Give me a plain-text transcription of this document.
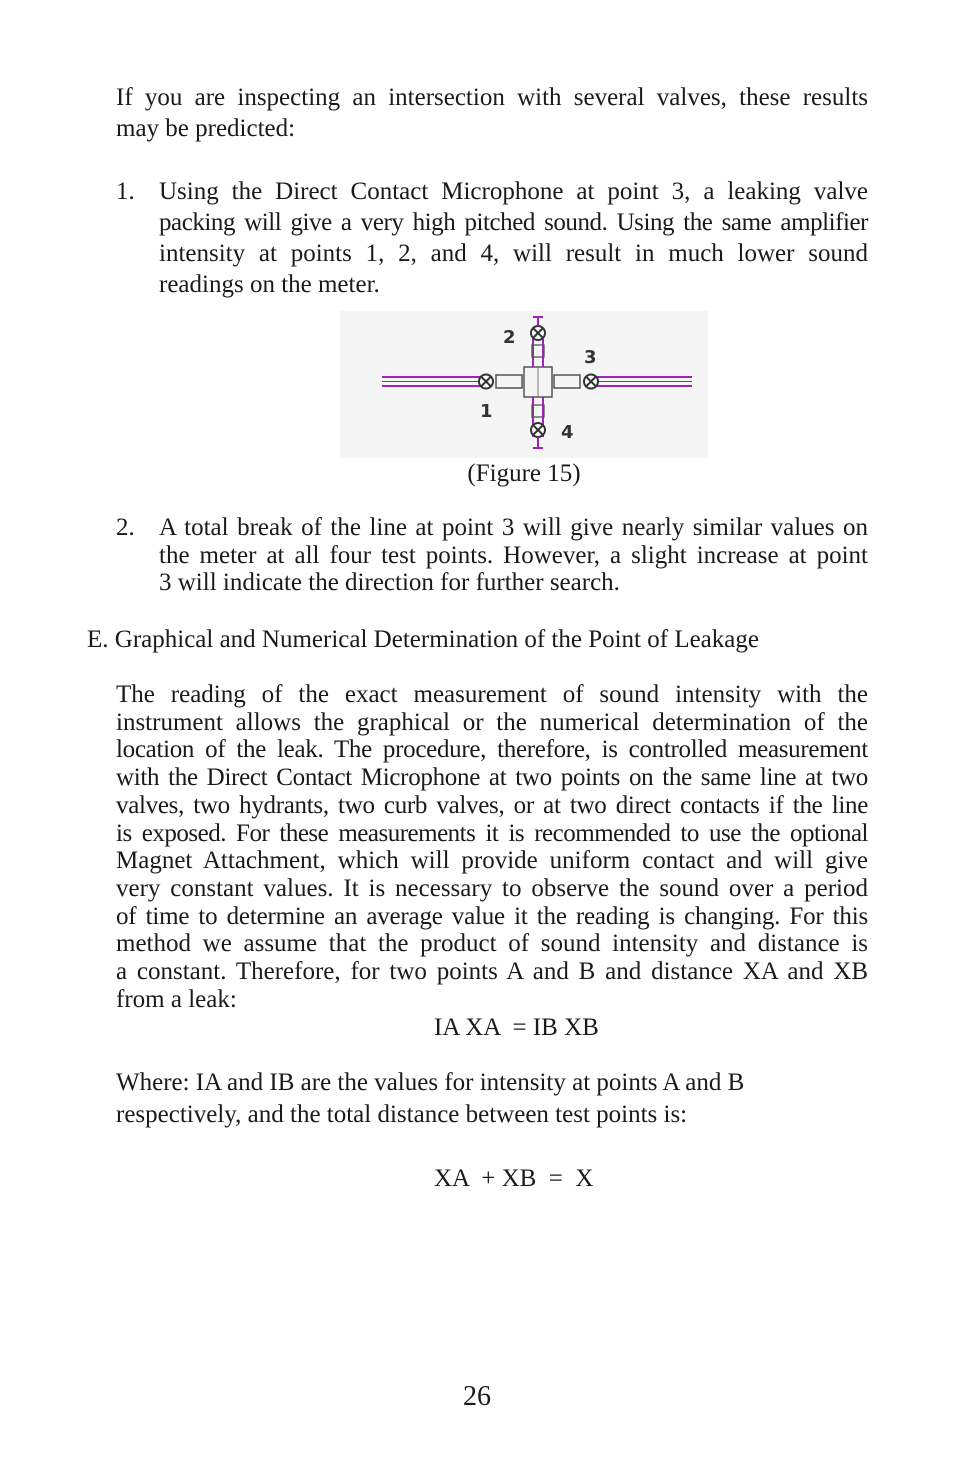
If you are inspecting an intersection with several valves, these results
may be predicted:
1. Using the Direct Contact Microphone at point 3, a leaking valve
packing will give a very high pitched sound. Using the same amplifier
intensity at points 1, 2, and 4, will result in much lower sound
readings on the meter.
1
2
3
4
(Figure 15)
2. A total break of the line at point 3 will give nearly similar values on
the meter at all four test points. However, a slight increase at point
3 will indicate the direction for further search.
E. Graphical and Numerical Determination of the Point of Leakage
The reading of the exact measurement of sound intensity with the
instrument allows the graphical or the numerical determination of the
location of the leak. The procedure, therefore, is controlled measurement
with the Direct Contact Microphone at two points on the same line at two
valves, two hydrants, two curb valves, or at two direct contacts if the line
is exposed. For these measurements it is recommended to use the optional
Magnet Attachment, which will provide uniform contact and will give
very constant values. It is necessary to observe the sound over a period
of time to determine an average value it the reading is changing. For this
method we assume that the product of sound intensity and distance is
a constant. Therefore, for two points A and B and distance XA and XB
from a leak:
IA XA  = IB XB
Where: IA and IB are the values for intensity at points A and B
respectively, and the total distance between test points is:
XA  + XB  =  X
26
